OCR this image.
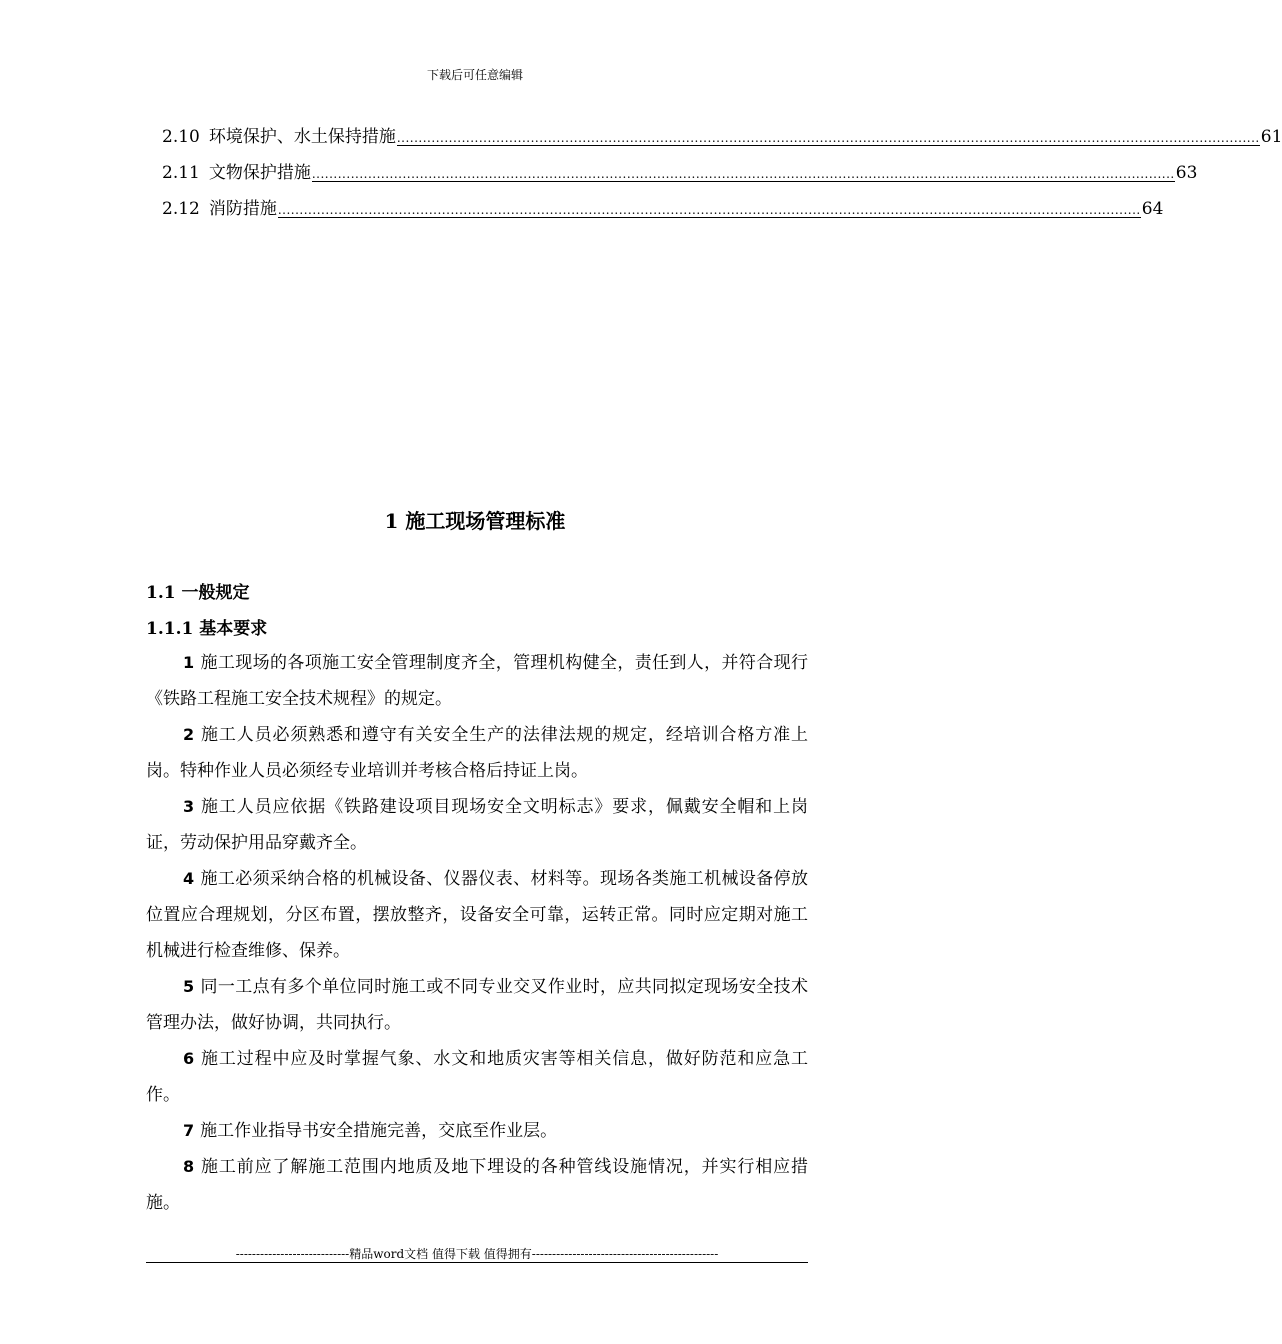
下载后可任意编辑
2.10 环境保护、水土保持措施 ........................................................................................................................................................................................................ 61
2.11 文物保护措施 ........................................................................................................................................................................................................ 63
2.12 消防措施 ........................................................................................................................................................................................................ 64
1 施工现场管理标准
1.1 一般规定
1.1.1 基本要求

1 施工现场的各项施工安全管理制度齐全，管理机构健全，责任到人，并符合现行《铁路工程施工安全技术规程》的规定。

2 施工人员必须熟悉和遵守有关安全生产的法律法规的规定，经培训合格方准上岗。特种作业人员必须经专业培训并考核合格后持证上岗。

3 施工人员应依据《铁路建设项目现场安全文明标志》要求，佩戴安全帽和上岗证，劳动保护用品穿戴齐全。

4 施工必须采纳合格的机械设备、仪器仪表、材料等。现场各类施工机械设备停放位置应合理规划，分区布置，摆放整齐，设备安全可靠，运转正常。同时应定期对施工机械进行检查维修、保养。

5 同一工点有多个单位同时施工或不同专业交叉作业时，应共同拟定现场安全技术管理办法，做好协调，共同执行。

6 施工过程中应及时掌握气象、水文和地质灾害等相关信息，做好防范和应急工作。

7 施工作业指导书安全措施完善，交底至作业层。

8 施工前应了解施工范围内地质及地下埋设的各种管线设施情况，并实行相应措施。

----------------------------精品word文档 值得下载 值得拥有----------------------------------------------
